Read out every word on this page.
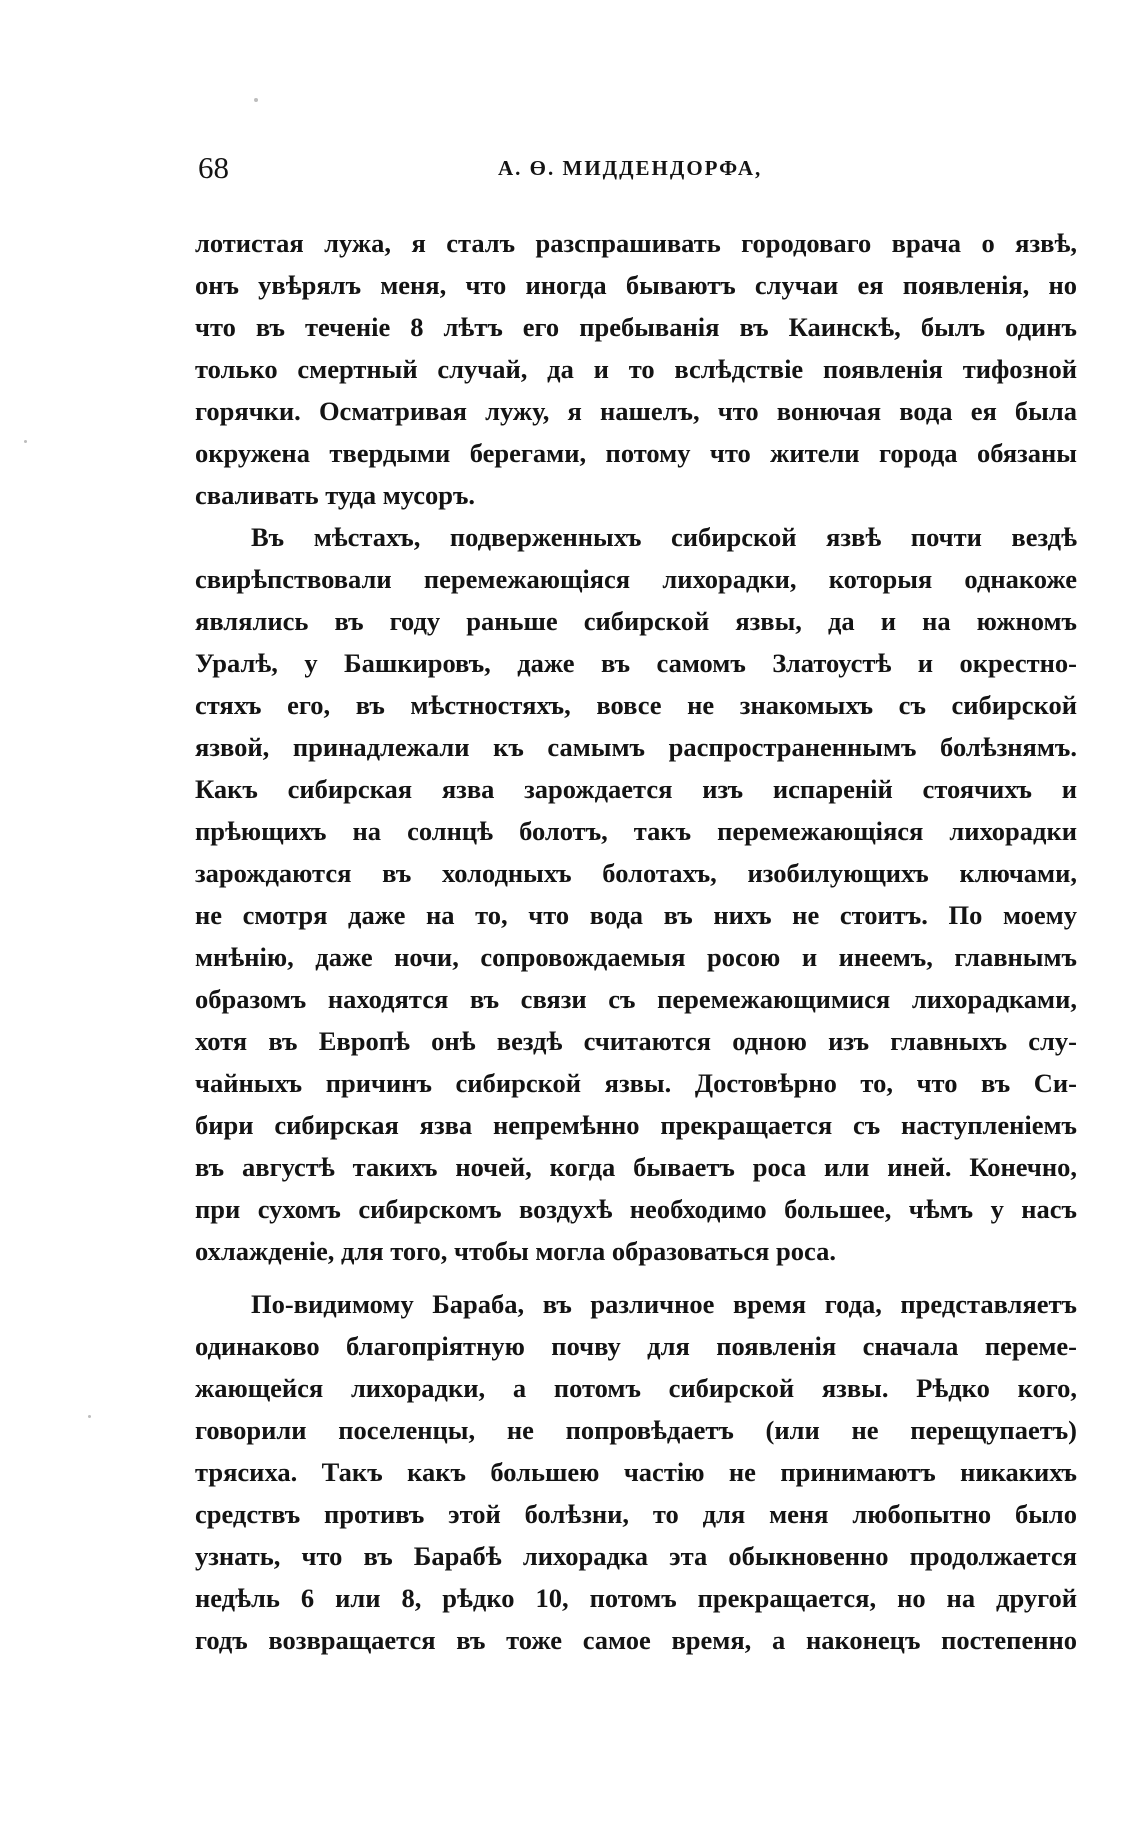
68	А. Ө. МИДДЕНДОРФА,
лотистая лужа, я сталъ разспрашивать городоваго врача о язвѣ,
онъ увѣрялъ меня, что иногда бываютъ случаи ея появленія, но
что въ теченіе 8 лѣтъ его пребыванія въ Каинскѣ, былъ одинъ
только смертный случай, да и то вслѣдствіе появленія тифозной
горячки. Осматривая лужу, я нашелъ, что вонючая вода ея была
окружена твердыми берегами, потому что жители города обязаны
сваливать туда мусоръ.
Въ мѣстахъ, подверженныхъ сибирской язвѣ почти вездѣ
свирѣпствовали перемежающіяся лихорадки, которыя однакоже
являлись въ году раньше сибирской язвы, да и на южномъ
Уралѣ, у Башкировъ, даже въ самомъ Златоустѣ и окрестно-
стяхъ его, въ мѣстностяхъ, вовсе не знакомыхъ съ сибирской
язвой, принадлежали къ самымъ распространеннымъ болѣзнямъ.
Какъ сибирская язва зарождается изъ испареній стоячихъ и
прѣющихъ на солнцѣ болотъ, такъ перемежающіяся лихорадки
зарождаются въ холодныхъ болотахъ, изобилующихъ ключами,
не смотря даже на то, что вода въ нихъ не стоитъ. По моему
мнѣнію, даже ночи, сопровождаемыя росою и инеемъ, главнымъ
образомъ находятся въ связи съ перемежающимися лихорадками,
хотя въ Европѣ онѣ вездѣ считаются одною изъ главныхъ слу-
чайныхъ причинъ сибирской язвы. Достовѣрно то, что въ Си-
бири сибирская язва непремѣнно прекращается съ наступленіемъ
въ августѣ такихъ ночей, когда бываетъ роса или иней. Конечно,
при сухомъ сибирскомъ воздухѣ необходимо большее, чѣмъ у насъ
охлажденіе, для того, чтобы могла образоваться роса.
По-видимому Бараба, въ различное время года, представляетъ
одинаково благопріятную почву для появленія сначала переме-
жающейся лихорадки, а потомъ сибирской язвы. Рѣдко кого,
говорили поселенцы, не попровѣдаетъ (или не перещупаетъ)
трясиха. Такъ какъ большею частію не принимаютъ никакихъ
средствъ противъ этой болѣзни, то для меня любопытно было
узнать, что въ Барабѣ лихорадка эта обыкновенно продолжается
недѣль 6 или 8, рѣдко 10, потомъ прекращается, но на другой
годъ возвращается въ тоже самое время, а наконецъ постепенно
